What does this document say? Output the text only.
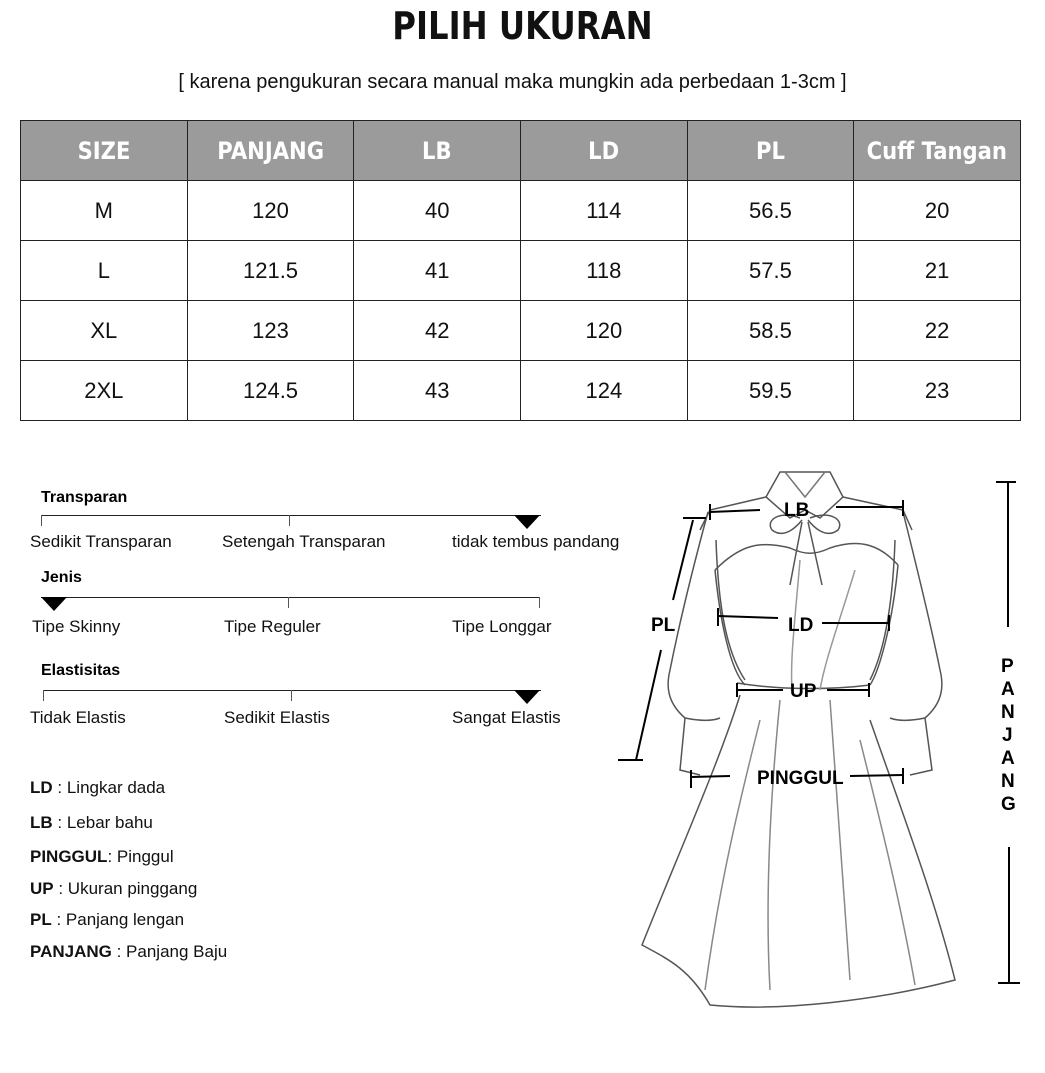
PILIH UKURAN
[ karena pengukuran secara manual maka mungkin ada perbedaan 1-3cm ]
SIZE	PANJANG	LB	LD	PL	Cuff Tangan
M	120	40	114	56.5	20
L	121.5	41	118	57.5	21
XL	123	42	120	58.5	22
2XL	124.5	43	124	59.5	23
Transparan
Sedikit Transparan	Setengah Transparan	tidak tembus pandang
Jenis
Tipe Skinny	Tipe Reguler	Tipe Longgar
Elastisitas
Tidak Elastis	Sedikit Elastis	Sangat Elastis
LD : Lingkar dada
LB : Lebar bahu
PINGGUL: Pinggul
UP : Ukuran pinggang
PL : Panjang lengan
PANJANG : Panjang Baju
LB
PL	LD
UP
PINGGUL
P
A
N
J
A
N
G
